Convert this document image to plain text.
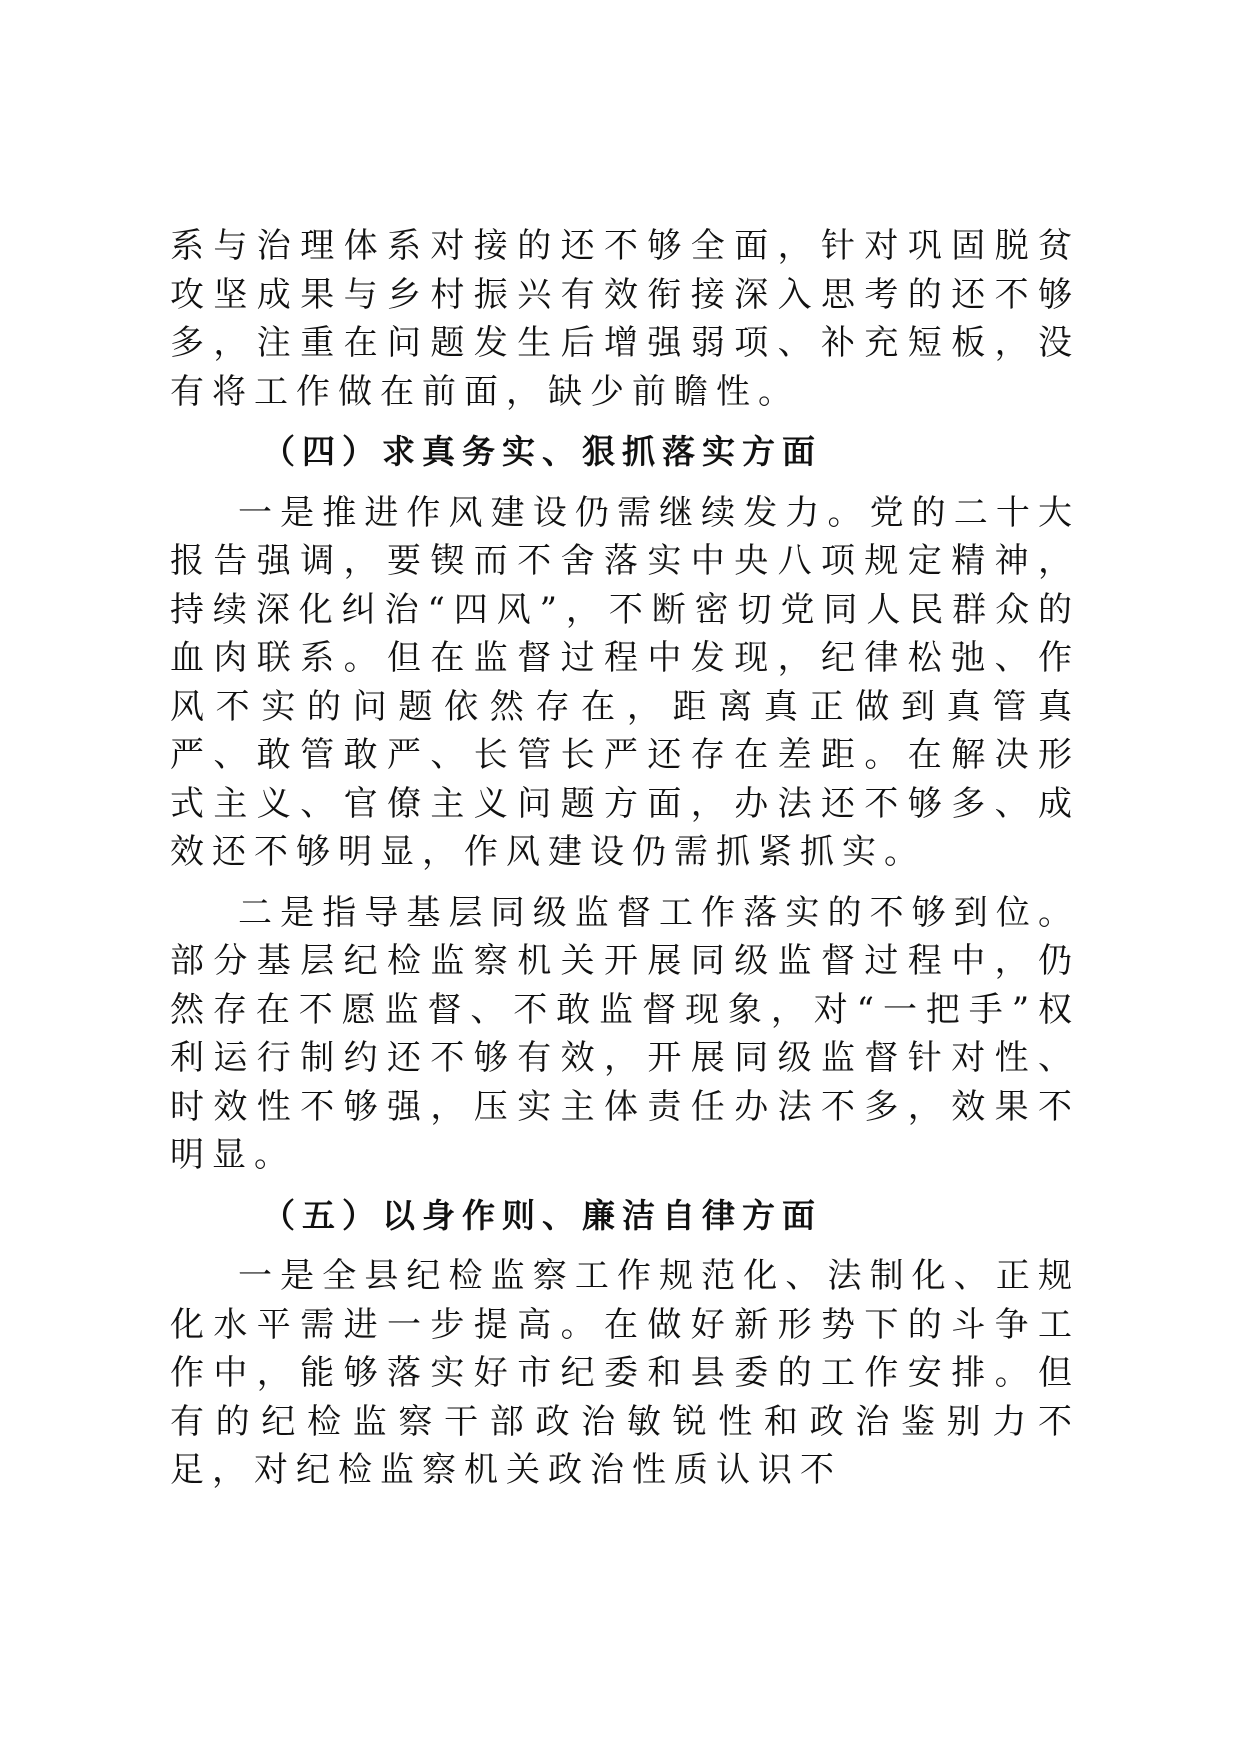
系与治理体系对接的还不够全面，针对巩固脱贫攻坚成果与乡村振兴有效衔接深入思考的还不够多，注重在问题发生后增强弱项、补充短板，没有将工作做在前面，缺少前瞻性。

（四）求真务实、狠抓落实方面

一是推进作风建设仍需继续发力。党的二十大报告强调，要锲而不舍落实中央八项规定精神，持续深化纠治“四风”，不断密切党同人民群众的血肉联系。但在监督过程中发现，纪律松弛、作风不实的问题依然存在，距离真正做到真管真严、敢管敢严、长管长严还存在差距。在解决形式主义、官僚主义问题方面，办法还不够多、成效还不够明显，作风建设仍需抓紧抓实。

二是指导基层同级监督工作落实的不够到位。部分基层纪检监察机关开展同级监督过程中，仍然存在不愿监督、不敢监督现象，对“一把手”权利运行制约还不够有效，开展同级监督针对性、时效性不够强，压实主体责任办法不多，效果不明显。

（五）以身作则、廉洁自律方面

一是全县纪检监察工作规范化、法制化、正规化水平需进一步提高。在做好新形势下的斗争工作中，能够落实好市纪委和县委的工作安排。但有的纪检监察干部政治敏锐性和政治鉴别力不足，对纪检监察机关政治性质认识不
